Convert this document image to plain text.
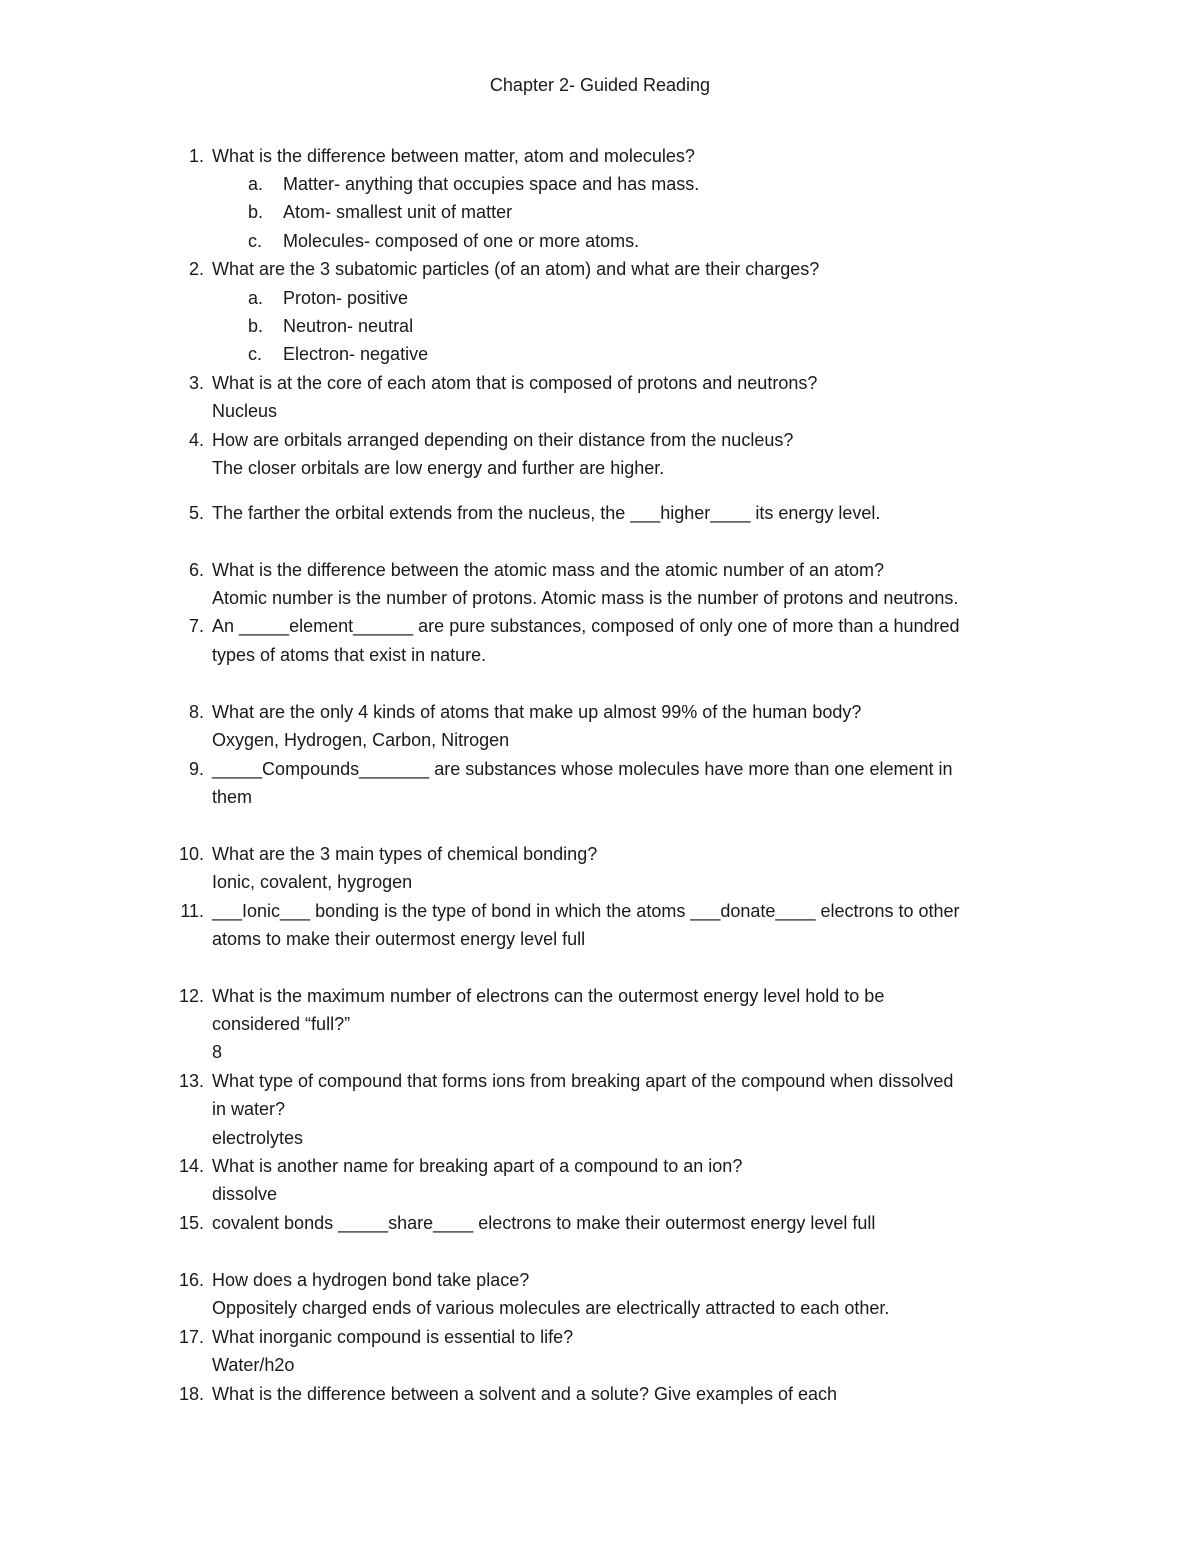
Chapter 2- Guided Reading
1. What is the difference between matter, atom and molecules?
a. Matter- anything that occupies space and has mass.
b. Atom- smallest unit of matter
c. Molecules- composed of one or more atoms.
2. What are the 3 subatomic particles (of an atom) and what are their charges?
a. Proton- positive
b. Neutron- neutral
c. Electron- negative
3. What is at the core of each atom that is composed of protons and neutrons?
Nucleus
4. How are orbitals arranged depending on their distance from the nucleus?
The closer orbitals are low energy and further are higher.
5. The farther the orbital extends from the nucleus, the ___higher____ its energy level.
6. What is the difference between the atomic mass and the atomic number of an atom?
Atomic number is the number of protons. Atomic mass is the number of protons and neutrons.
7. An _____element______ are pure substances, composed of only one of more than a hundred
types of atoms that exist in nature.
8. What are the only 4 kinds of atoms that make up almost 99% of the human body?
Oxygen, Hydrogen, Carbon, Nitrogen
9. _____Compounds_______ are substances whose molecules have more than one element in
them
10. What are the 3 main types of chemical bonding?
Ionic, covalent, hygrogen
11. ___Ionic___ bonding is the type of bond in which the atoms ___donate____ electrons to other
atoms to make their outermost energy level full
12. What is the maximum number of electrons can the outermost energy level hold to be
considered “full?”
8
13. What type of compound that forms ions from breaking apart of the compound when dissolved
in water?
electrolytes
14. What is another name for breaking apart of a compound to an ion?
dissolve
15. covalent bonds _____share____ electrons to make their outermost energy level full
16. How does a hydrogen bond take place?
Oppositely charged ends of various molecules are electrically attracted to each other.
17. What inorganic compound is essential to life?
Water/h2o
18. What is the difference between a solvent and a solute? Give examples of each
